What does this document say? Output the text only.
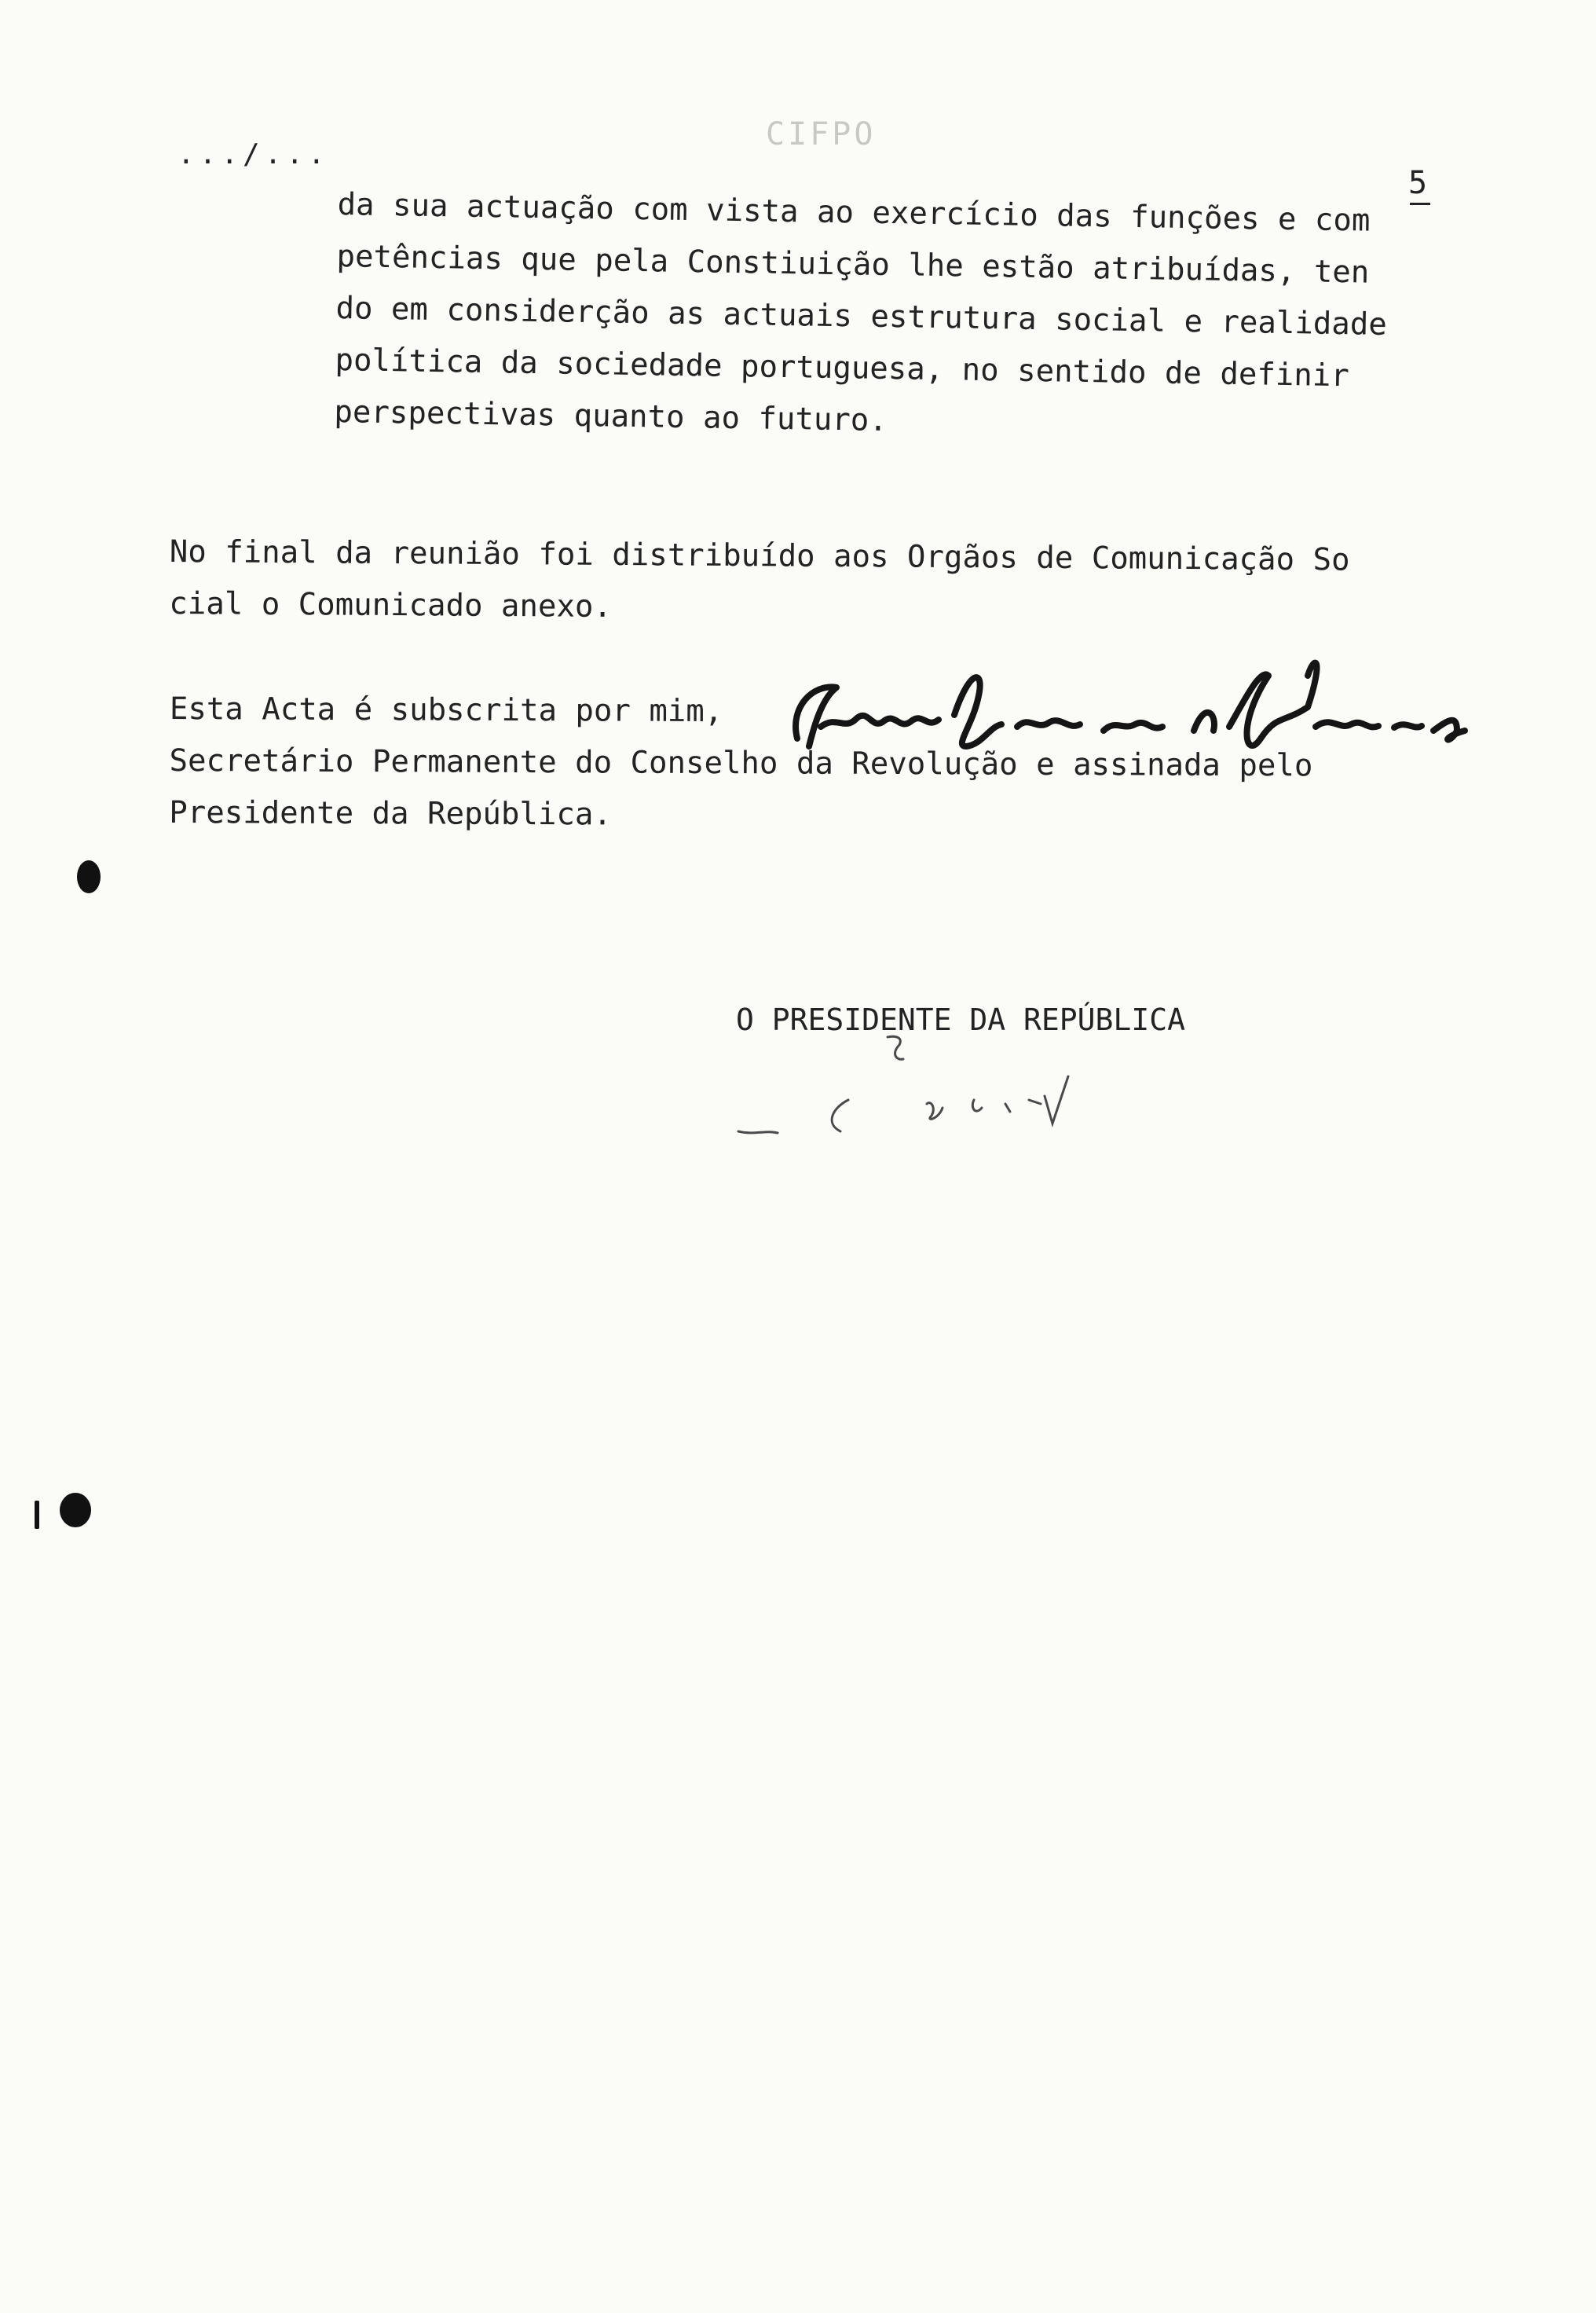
.../...
CIFPO
5
da sua actuação com vista ao exercício das funções e com
petências que pela Constiuição lhe estão atribuídas, ten
do em considerção as actuais estrutura social e realidade
política da sociedade portuguesa, no sentido de definir
perspectivas quanto ao futuro.
No final da reunião foi distribuído aos Orgãos de Comunicação So
cial o Comunicado anexo.
Esta Acta é subscrita por mim,
Secretário Permanente do Conselho da Revolução e assinada pelo
Presidente da República.
O PRESIDENTE DA REPÚBLICA
